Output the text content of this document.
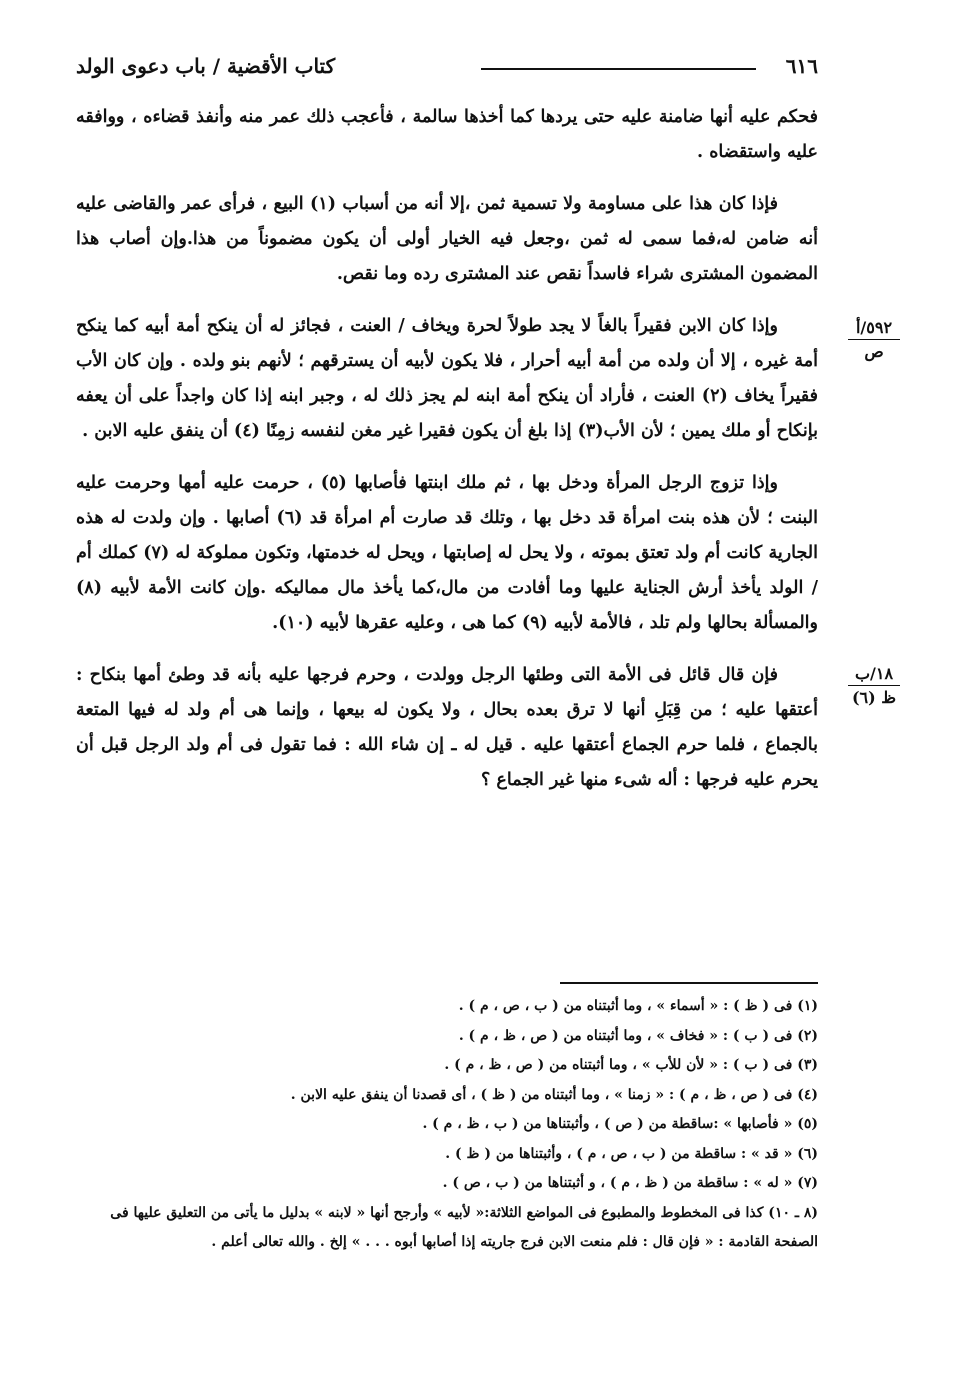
٦١٦
كتاب الأقضية / باب دعوى الولد

فحكم عليه أنها ضامنة عليه حتى يردها كما أخذها سالمة ، فأعجب ذلك عمر منه وأنفذ قضاءه ، ووافقه عليه واستقضاه .

فإذا كان هذا على مساومة ولا تسمية ثمن ،إلا أنه من أسباب (١) البيع ، فرأى عمر والقاضى عليه أنه ضامن له،فما سمى له ثمن ،وجعل فيه الخيار أولى أن يكون مضموناً من هذا.وإن أصاب هذا المضمون المشترى شراء فاسداً نقص عند المشترى رده وما نقص.

وإذا كان الابن فقيراً بالغاً لا يجد طولاً لحرة ويخاف / العنت ، فجائز له أن ينكح أمة أبيه كما ينكح أمة غيره ، إلا أن ولده من أمة أبيه أحرار ، فلا يكون لأبيه أن يسترقهم ؛ لأنهم بنو ولده . وإن كان الأب فقيراً يخاف (٢) العنت ، فأراد أن ينكح أمة ابنه لم يجز ذلك له ، وجبر ابنه إذا كان واجداً على أن يعفه بإنكاح أو ملك يمين ؛ لأن الأب(٣) إذا بلغ أن يكون فقيرا غير مغن لنفسه زمِنًا (٤) أن ينفق عليه الابن .

وإذا تزوج الرجل المرأة ودخل بها ، ثم ملك ابنتها فأصابها (٥) ، حرمت عليه أمها وحرمت عليه البنت ؛ لأن هذه بنت امرأة قد دخل بها ، وتلك قد صارت أم امرأة قد (٦) أصابها . وإن ولدت له هذه الجارية كانت أم ولد تعتق بموته ، ولا يحل له إصابتها ، ويحل له خدمتها، وتكون مملوكة له (٧) كملك أم / الولد يأخذ أرش الجناية عليها وما أفادت من مال،كما يأخذ مال مماليكه .وإن كانت الأمة لأبيه (٨) والمسألة بحالها ولم تلد ، فالأمة لأبيه (٩) كما هى ، وعليه عقرها لأبيه (١٠).

فإن قال قائل فى الأمة التى وطئها الرجل وولدت ، وحرم فرجها عليه بأنه قد وطئ أمها بنكاح : أعتقها عليه ؛ من قِبَلِ أنها لا ترق بعده بحال ، ولا يكون له بيعها ، وإنما هى أم ولد له فيها المتعة بالجماع ، فلما حرم الجماع أعتقها عليه . قيل له ـ إن شاء الله : فما تقول فى أم ولد الرجل قبل أن يحرم عليه فرجها : أله شىء منها غير الجماع ؟

٥٩٢/أ
ص
١٨/ب
ظ (٦)
(١) فى ( ظ ) : « أسماء » ، وما أثبتناه من ( ب ، ص ، م ) .
(٢) فى ( ب ) : « فخاف » ، وما أثبتناه من ( ص ، ظ ، م ) .
(٣) فى ( ب ) : « لأن للأب » ، وما أثبتناه من ( ص ، ظ ، م ) .
(٤) فى ( ص ، ظ ، م ) : « زمنا » ، وما أثبتناه من ( ظ ) ، أى قصدنا أن ينفق عليه الابن .
(٥) « فأصابها » :ساقطة من ( ص ) ، وأثبتناها من ( ب ، ظ ، م ) .
(٦) « قد » : ساقطة من ( ب ، ص ، م ) ، وأثبتناها من ( ظ ) .
(٧) « له » : ساقطة من ( ظ ، م ) ، و أثبتناها من ( ب ، ص ) .
(٨ ـ ١٠) كذا فى المخطوط والمطبوع فى المواضع الثلاثة:« لأبيه » وأرجح أنها « لابنه » بدليل ما يأتى من التعليق عليها فى الصفحة القادمة : « فإن قال : فلم منعت الابن فرج جاريته إذا أصابها أبوه . . . » إلخ . والله تعالى أعلم .
